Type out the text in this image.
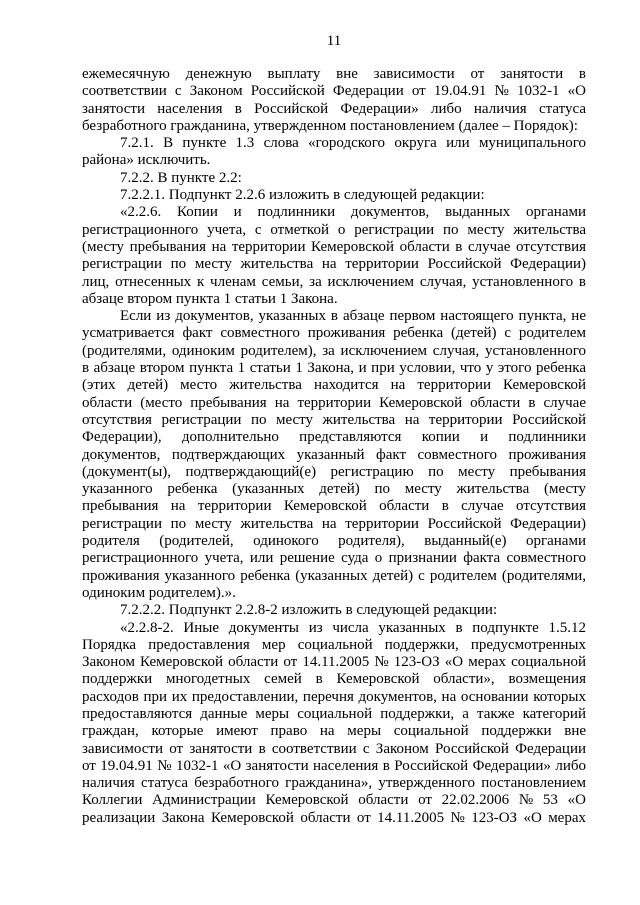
11
ежемесячную денежную выплату вне зависимости от занятости в
соответствии с Законом Российской Федерации от 19.04.91 № 1032-1 «О
занятости населения в Российской Федерации» либо наличия статуса
безработного гражданина, утвержденном постановлением (далее – Порядок):
7.2.1. В пункте 1.3 слова «городского округа или муниципального
района» исключить.
7.2.2. В пункте 2.2:
7.2.2.1. Подпункт 2.2.6 изложить в следующей редакции:
«2.2.6. Копии и подлинники документов, выданных органами
регистрационного учета, с отметкой о регистрации по месту жительства
(месту пребывания на территории Кемеровской области в случае отсутствия
регистрации по месту жительства на территории Российской Федерации)
лиц, отнесенных к членам семьи, за исключением случая, установленного в
абзаце втором пункта 1 статьи 1 Закона.
Если из документов, указанных в абзаце первом настоящего пункта, не
усматривается факт совместного проживания ребенка (детей) с родителем
(родителями, одиноким родителем), за исключением случая, установленного
в абзаце втором пункта 1 статьи 1 Закона, и при условии, что у этого ребенка
(этих детей) место жительства находится на территории Кемеровской
области (место пребывания на территории Кемеровской области в случае
отсутствия регистрации по месту жительства на территории Российской
Федерации), дополнительно представляются копии и подлинники
документов, подтверждающих указанный факт совместного проживания
(документ(ы), подтверждающий(е) регистрацию по месту пребывания
указанного ребенка (указанных детей) по месту жительства (месту
пребывания на территории Кемеровской области в случае отсутствия
регистрации по месту жительства на территории Российской Федерации)
родителя (родителей, одинокого родителя), выданный(е) органами
регистрационного учета, или решение суда о признании факта совместного
проживания указанного ребенка (указанных детей) с родителем (родителями,
одиноким родителем).».
7.2.2.2. Подпункт 2.2.8-2 изложить в следующей редакции:
«2.2.8-2. Иные документы из числа указанных в подпункте 1.5.12
Порядка предоставления мер социальной поддержки, предусмотренных
Законом Кемеровской области от 14.11.2005 № 123-ОЗ «О мерах социальной
поддержки многодетных семей в Кемеровской области», возмещения
расходов при их предоставлении, перечня документов, на основании которых
предоставляются данные меры социальной поддержки, а также категорий
граждан, которые имеют право на меры социальной поддержки вне
зависимости от занятости в соответствии с Законом Российской Федерации
от 19.04.91 № 1032-1 «О занятости населения в Российской Федерации» либо
наличия статуса безработного гражданина», утвержденного постановлением
Коллегии Администрации Кемеровской области от 22.02.2006 № 53 «О
реализации Закона Кемеровской области от 14.11.2005 № 123-ОЗ «О мерах
